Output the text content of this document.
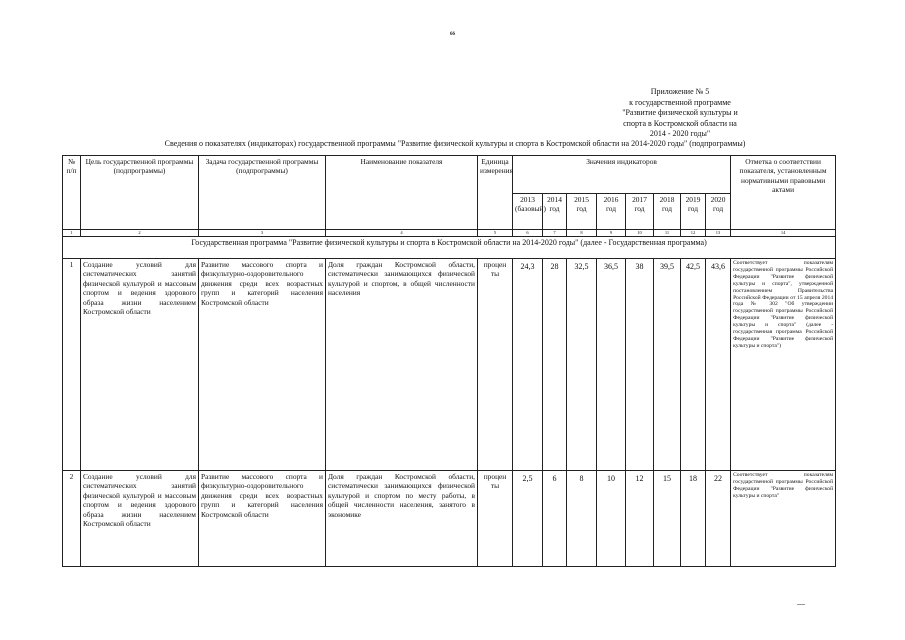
66
Приложение № 5
к государственной программе
"Развитие физической культуры и
спорта в Костромской области на
2014 - 2020 годы"
Сведения о показателях (индикаторах) государственной программы "Развитие физической культуры и спорта в Костромской области на 2014-2020 годы" (подпрограммы)
№ п/п	Цель государственной программы (подпрограммы)	Задача государственной программы (подпрограммы)	Наименование показателя	Единица измерения	Значения индикаторов								Отметка о соответствии показателя, установленным нормативными правовыми актами
					2013 (базовый)	2014 год	2015 год	2016 год	2017 год	2018 год	2019 год	2020 год	
1	2	3	4	5	6	7	8	9	10	11	12	13	14
Государственная программа "Развитие физической культуры и спорта в Костромской области на 2014-2020 годы" (далее - Государственная программа)													
1	Создание условий для систематических занятий физической культурой и массовым спортом и ведения здорового образа жизни населением Костромской области	Развитие массового спорта и физкультурно-оздоровительного движения среди всех возрастных групп и категорий населения Костромской области	Доля граждан Костромской области, систематически занимающихся физической культурой и спортом, в общей численности населения	процен ты	24,3	28	32,5	36,5	38	39,5	42,5	43,6	Соответствует показателям государственной программы Российской Федерации "Развитие физической культуры и спорта", утвержденной постановлением Правительства Российской Федерации от 15 апреля 2014 года № 302 "Об утверждении государственной программы Российской Федерации "Развитие физической культуры и спорта" (далее - государственная программа Российской Федерации "Развитие физической культуры и спорта")
2	Создание условий для систематических занятий физической культурой и массовым спортом и ведения здорового образа жизни населением Костромской области	Развитие массового спорта и физкультурно-оздоровительного движения среди всех возрастных групп и категорий населения Костромской области	Доля граждан Костромской области, систематически занимающихся физической культурой и спортом по месту работы, в общей численности населения, занятого в экономике	процен ты	2,5	6	8	10	12	15	18	22	Соответствует показателям государственной программы Российской Федерации "Развитие физической культуры и спорта"
